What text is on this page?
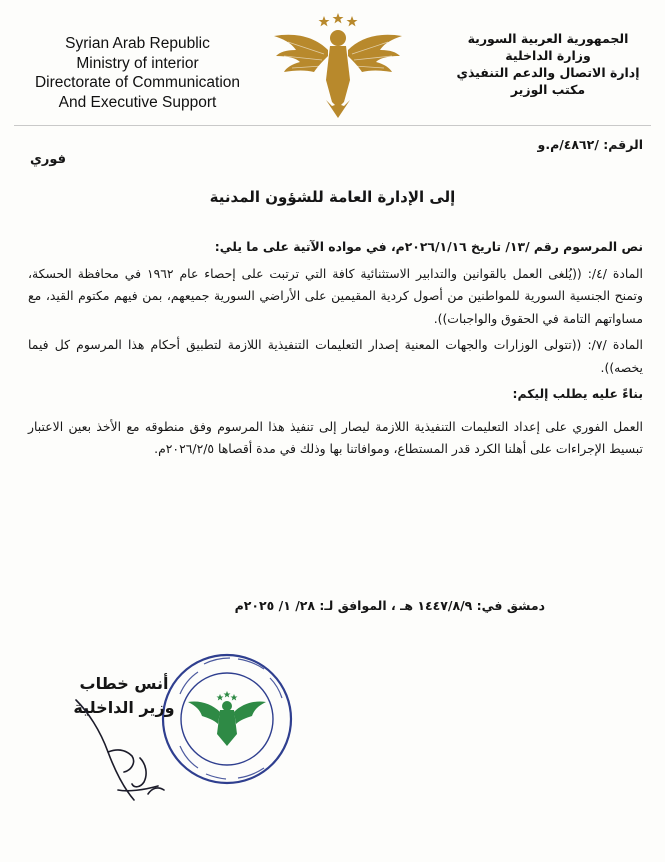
Syrian Arab Republic
Ministry of interior
Directorate of Communication
And Executive Support
الجمهورية العربية السورية
وزارة الداخلية
إدارة الاتصال والدعم التنفيذي
مكتب الوزير
الرقم: /٤٨٦٢/م.و
فوري
إلى الإدارة العامة للشؤون المدنية

نص المرسوم رقم /١٣/ تاريخ ٢٠٢٦/١/١٦م، في مواده الآتية على ما يلي:

المادة /٤/: ((يُلغى العمل بالقوانين والتدابير الاستثنائية كافة التي ترتبت على إحصاء عام ١٩٦٢ في محافظة الحسكة، وتمنح الجنسية السورية للمواطنين من أصول كردية المقيمين على الأراضي السورية جميعهم، بمن فيهم مكتوم القيد، مع مساواتهم التامة في الحقوق والواجبات)).

المادة /٧/: ((تتولى الوزارات والجهات المعنية إصدار التعليمات التنفيذية اللازمة لتطبيق أحكام هذا المرسوم كل فيما يخصه)).

بناءً عليه يطلب إليكم:

العمل الفوري على إعداد التعليمات التنفيذية اللازمة ليصار إلى تنفيذ هذا المرسوم وفق منطوقه مع الأخذ بعين الاعتبار تبسيط الإجراءات على أهلنا الكرد قدر المستطاع، وموافاتنا بها وذلك في مدة أقصاها ٢٠٢٦/٢/٥م.

دمشق في: ١٤٤٧/٨/٩ هـ ، الموافق لـ: ٢٨/ ١/ ٢٠٢٥م
أنس خطاب
وزير الداخلية
